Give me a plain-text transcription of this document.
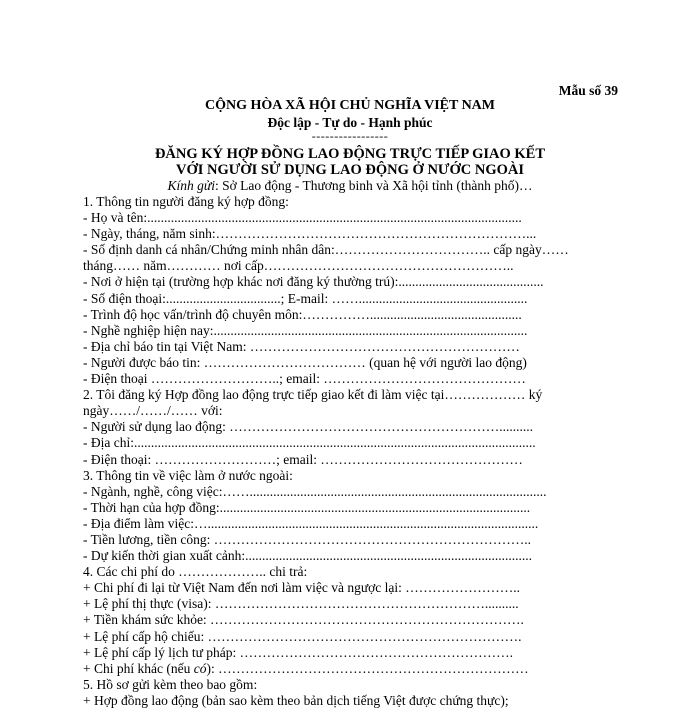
Mẫu số 39
CỘNG HÒA XÃ HỘI CHỦ NGHĨA VIỆT NAM
Độc lập - Tự do - Hạnh phúc
-----------------
ĐĂNG KÝ HỢP ĐỒNG LAO ĐỘNG TRỰC TIẾP GIAO KẾT
VỚI NGƯỜI SỬ DỤNG LAO ĐỘNG Ở NƯỚC NGOÀI
Kính gửi: Sở Lao động - Thương binh và Xã hội tỉnh (thành phố)…
1. Thông tin người đăng ký hợp đồng:
- Họ và tên:...............................................................................................................
- Ngày, tháng, năm sinh:……………………………………………………………...
- Số định danh cá nhân/Chứng minh nhân dân:…………………………….. cấp ngày……
tháng…… năm………… nơi cấp………………………………………………..
- Nơi ở hiện tại (trường hợp khác nơi đăng ký thường trú):...........................................
- Số điện thoại:..................................; E-mail: ……..................................................
- Trình độ học vấn/trình độ chuyên môn:…………….............................................
- Nghề nghiệp hiện nay:.............................................................................................
- Địa chỉ báo tin tại Việt Nam: ……………………………………………………
- Người được báo tin: ……………………………… (quan hệ với người lao động)
- Điện thoại ………………………..; email: ………………………………………
2. Tôi đăng ký Hợp đồng lao động trực tiếp giao kết đi làm việc tại……………… ký
ngày……/……/…… với:
- Người sử dụng lao động: ……………………………………………………..........
- Địa chỉ:.......................................................................................................................
- Điện thoại: ………………………; email: ………………………………………
3. Thông tin về việc làm ở nước ngoài:
- Ngành, nghề, công việc:……........................................................................................
- Thời hạn của hợp đồng:............................................................................................
- Địa điểm làm việc:…..................................................................................................
- Tiền lương, tiền công: ……………………………………………………………..
- Dự kiến thời gian xuất cảnh:.....................................................................................
4. Các chi phí do ……………….. chi trả:
+ Chi phí đi lại từ Việt Nam đến nơi làm việc và ngược lại: ……………………..
+ Lệ phí thị thực (visa): ……………………………………………………..........
+ Tiền khám sức khỏe: …………………………………………………………….
+ Lệ phí cấp hộ chiếu: …………………………………………………………….
+ Lệ phí cấp lý lịch tư pháp: …………………………………………………….
+ Chi phí khác (nếu có): ……………………………………………………………
5. Hồ sơ gửi kèm theo bao gồm:
+ Hợp đồng lao động (bản sao kèm theo bản dịch tiếng Việt được chứng thực);
